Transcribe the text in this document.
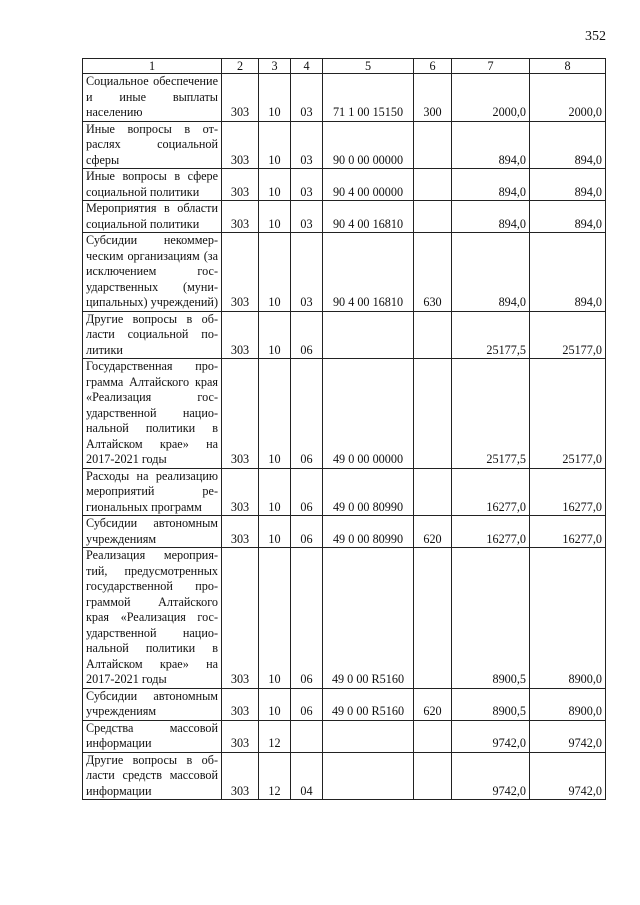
352
1	2	3	4	5	6	7	8
Социальное обеспечение и иные выплаты населению	303	10	03	71 1 00 15150	300	2000,0	2000,0
Иные вопросы в отраслях социальной сферы	303	10	03	90 0 00 00000		894,0	894,0
Иные вопросы в сфере социальной политики	303	10	03	90 4 00 00000		894,0	894,0
Мероприятия в области социальной политики	303	10	03	90 4 00 16810		894,0	894,0
Субсидии некоммерческим организациям (за исключением государственных (муниципальных) учреждений)	303	10	03	90 4 00 16810	630	894,0	894,0
Другие вопросы в области социальной политики	303	10	06			25177,5	25177,0
Государственная программа Алтайского края «Реализация государственной национальной политики в Алтайском крае» на 2017-2021 годы	303	10	06	49 0 00 00000		25177,5	25177,0
Расходы на реализацию мероприятий региональных программ	303	10	06	49 0 00 80990		16277,0	16277,0
Субсидии автономным учреждениям	303	10	06	49 0 00 80990	620	16277,0	16277,0
Реализация мероприятий, предусмотренных государственной программой Алтайского края «Реализация государственной национальной политики в Алтайском крае» на 2017-2021 годы	303	10	06	49 0 00 R5160		8900,5	8900,0
Субсидии автономным учреждениям	303	10	06	49 0 00 R5160	620	8900,5	8900,0
Средства массовой информации	303	12				9742,0	9742,0
Другие вопросы в области средств массовой информации	303	12	04			9742,0	9742,0
